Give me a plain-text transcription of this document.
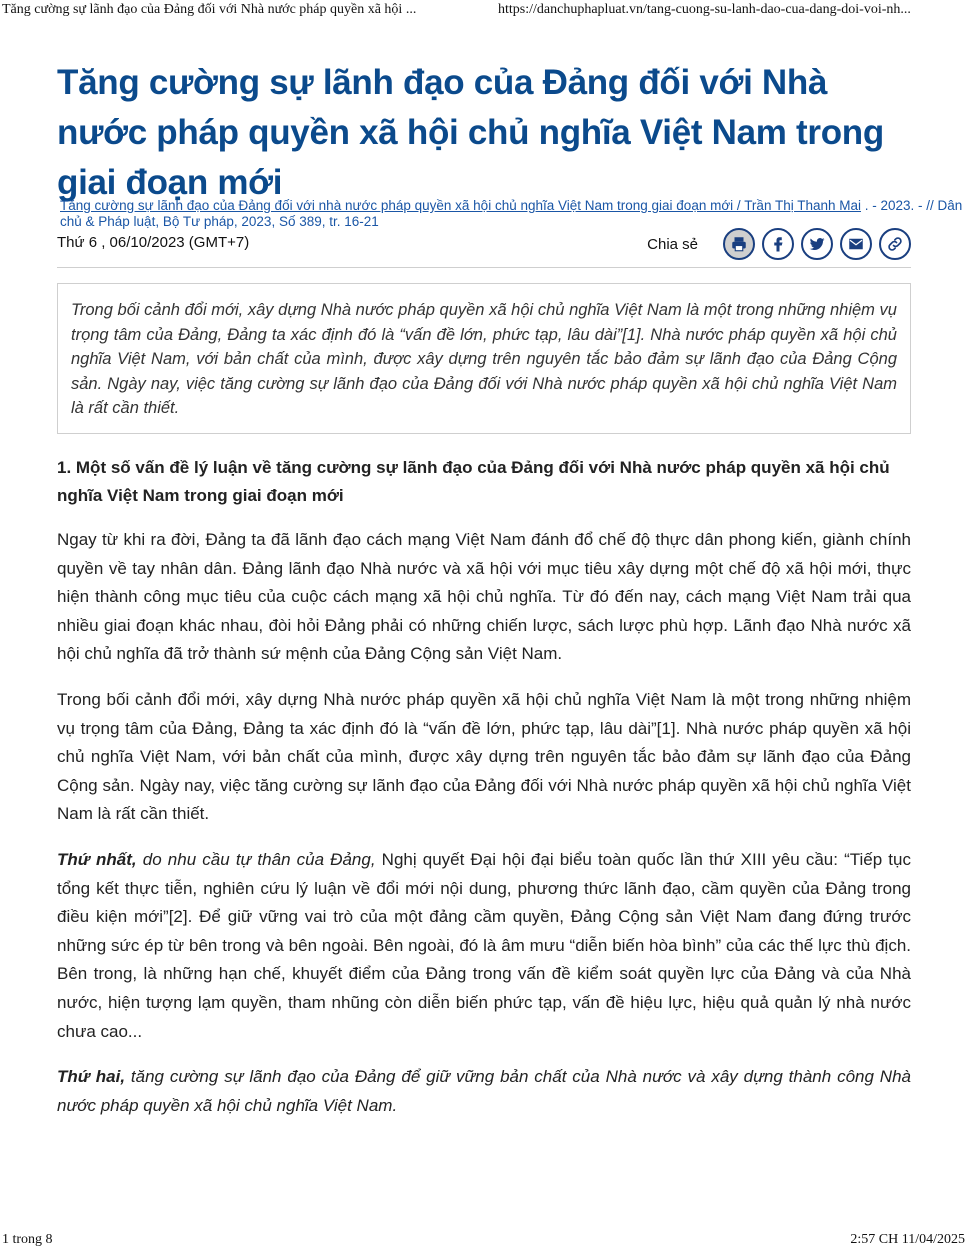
Tăng cường sự lãnh đạo của Đảng đối với Nhà nước pháp quyền xã hội ...	https://danchuphapluat.vn/tang-cuong-su-lanh-dao-cua-dang-doi-voi-nh...
Tăng cường sự lãnh đạo của Đảng đối với Nhà nước pháp quyền xã hội chủ nghĩa Việt Nam trong giai đoạn mới
Tăng cường sự lãnh đạo của Đảng đối với nhà nước pháp quyền xã hội chủ nghĩa Việt Nam trong giai đoạn mới / Trần Thị Thanh Mai . - 2023. - // Dân chủ & Pháp luật, Bộ Tư pháp, 2023, Số 389, tr. 16-21
Thứ 6 , 06/10/2023 (GMT+7)	Chia sẻ
Trong bối cảnh đổi mới, xây dựng Nhà nước pháp quyền xã hội chủ nghĩa Việt Nam là một trong những nhiệm vụ trọng tâm của Đảng, Đảng ta xác định đó là “vấn đề lớn, phức tạp, lâu dài”[1]. Nhà nước pháp quyền xã hội chủ nghĩa Việt Nam, với bản chất của mình, được xây dựng trên nguyên tắc bảo đảm sự lãnh đạo của Đảng Cộng sản. Ngày nay, việc tăng cường sự lãnh đạo của Đảng đối với Nhà nước pháp quyền xã hội chủ nghĩa Việt Nam là rất cần thiết.
1. Một số vấn đề lý luận về tăng cường sự lãnh đạo của Đảng đối với Nhà nước pháp quyền xã hội chủ nghĩa Việt Nam trong giai đoạn mới

Ngay từ khi ra đời, Đảng ta đã lãnh đạo cách mạng Việt Nam đánh đổ chế độ thực dân phong kiến, giành chính quyền về tay nhân dân. Đảng lãnh đạo Nhà nước và xã hội với mục tiêu xây dựng một chế độ xã hội mới, thực hiện thành công mục tiêu của cuộc cách mạng xã hội chủ nghĩa. Từ đó đến nay, cách mạng Việt Nam trải qua nhiều giai đoạn khác nhau, đòi hỏi Đảng phải có những chiến lược, sách lược phù hợp. Lãnh đạo Nhà nước xã hội chủ nghĩa đã trở thành sứ mệnh của Đảng Cộng sản Việt Nam.

Trong bối cảnh đổi mới, xây dựng Nhà nước pháp quyền xã hội chủ nghĩa Việt Nam là một trong những nhiệm vụ trọng tâm của Đảng, Đảng ta xác định đó là “vấn đề lớn, phức tạp, lâu dài”[1]. Nhà nước pháp quyền xã hội chủ nghĩa Việt Nam, với bản chất của mình, được xây dựng trên nguyên tắc bảo đảm sự lãnh đạo của Đảng Cộng sản. Ngày nay, việc tăng cường sự lãnh đạo của Đảng đối với Nhà nước pháp quyền xã hội chủ nghĩa Việt Nam là rất cần thiết.

Thứ nhất, do nhu cầu tự thân của Đảng, Nghị quyết Đại hội đại biểu toàn quốc lần thứ XIII yêu cầu: “Tiếp tục tổng kết thực tiễn, nghiên cứu lý luận về đổi mới nội dung, phương thức lãnh đạo, cầm quyền của Đảng trong điều kiện mới”[2]. Để giữ vững vai trò của một đảng cầm quyền, Đảng Cộng sản Việt Nam đang đứng trước những sức ép từ bên trong và bên ngoài. Bên ngoài, đó là âm mưu “diễn biến hòa bình” của các thế lực thù địch. Bên trong, là những hạn chế, khuyết điểm của Đảng trong vấn đề kiểm soát quyền lực của Đảng và của Nhà nước, hiện tượng lạm quyền, tham nhũng còn diễn biến phức tạp, vấn đề hiệu lực, hiệu quả quản lý nhà nước chưa cao...

Thứ hai, tăng cường sự lãnh đạo của Đảng để giữ vững bản chất của Nhà nước và xây dựng thành công Nhà nước pháp quyền xã hội chủ nghĩa Việt Nam.

1 trong 8	2:57 CH 11/04/2025
